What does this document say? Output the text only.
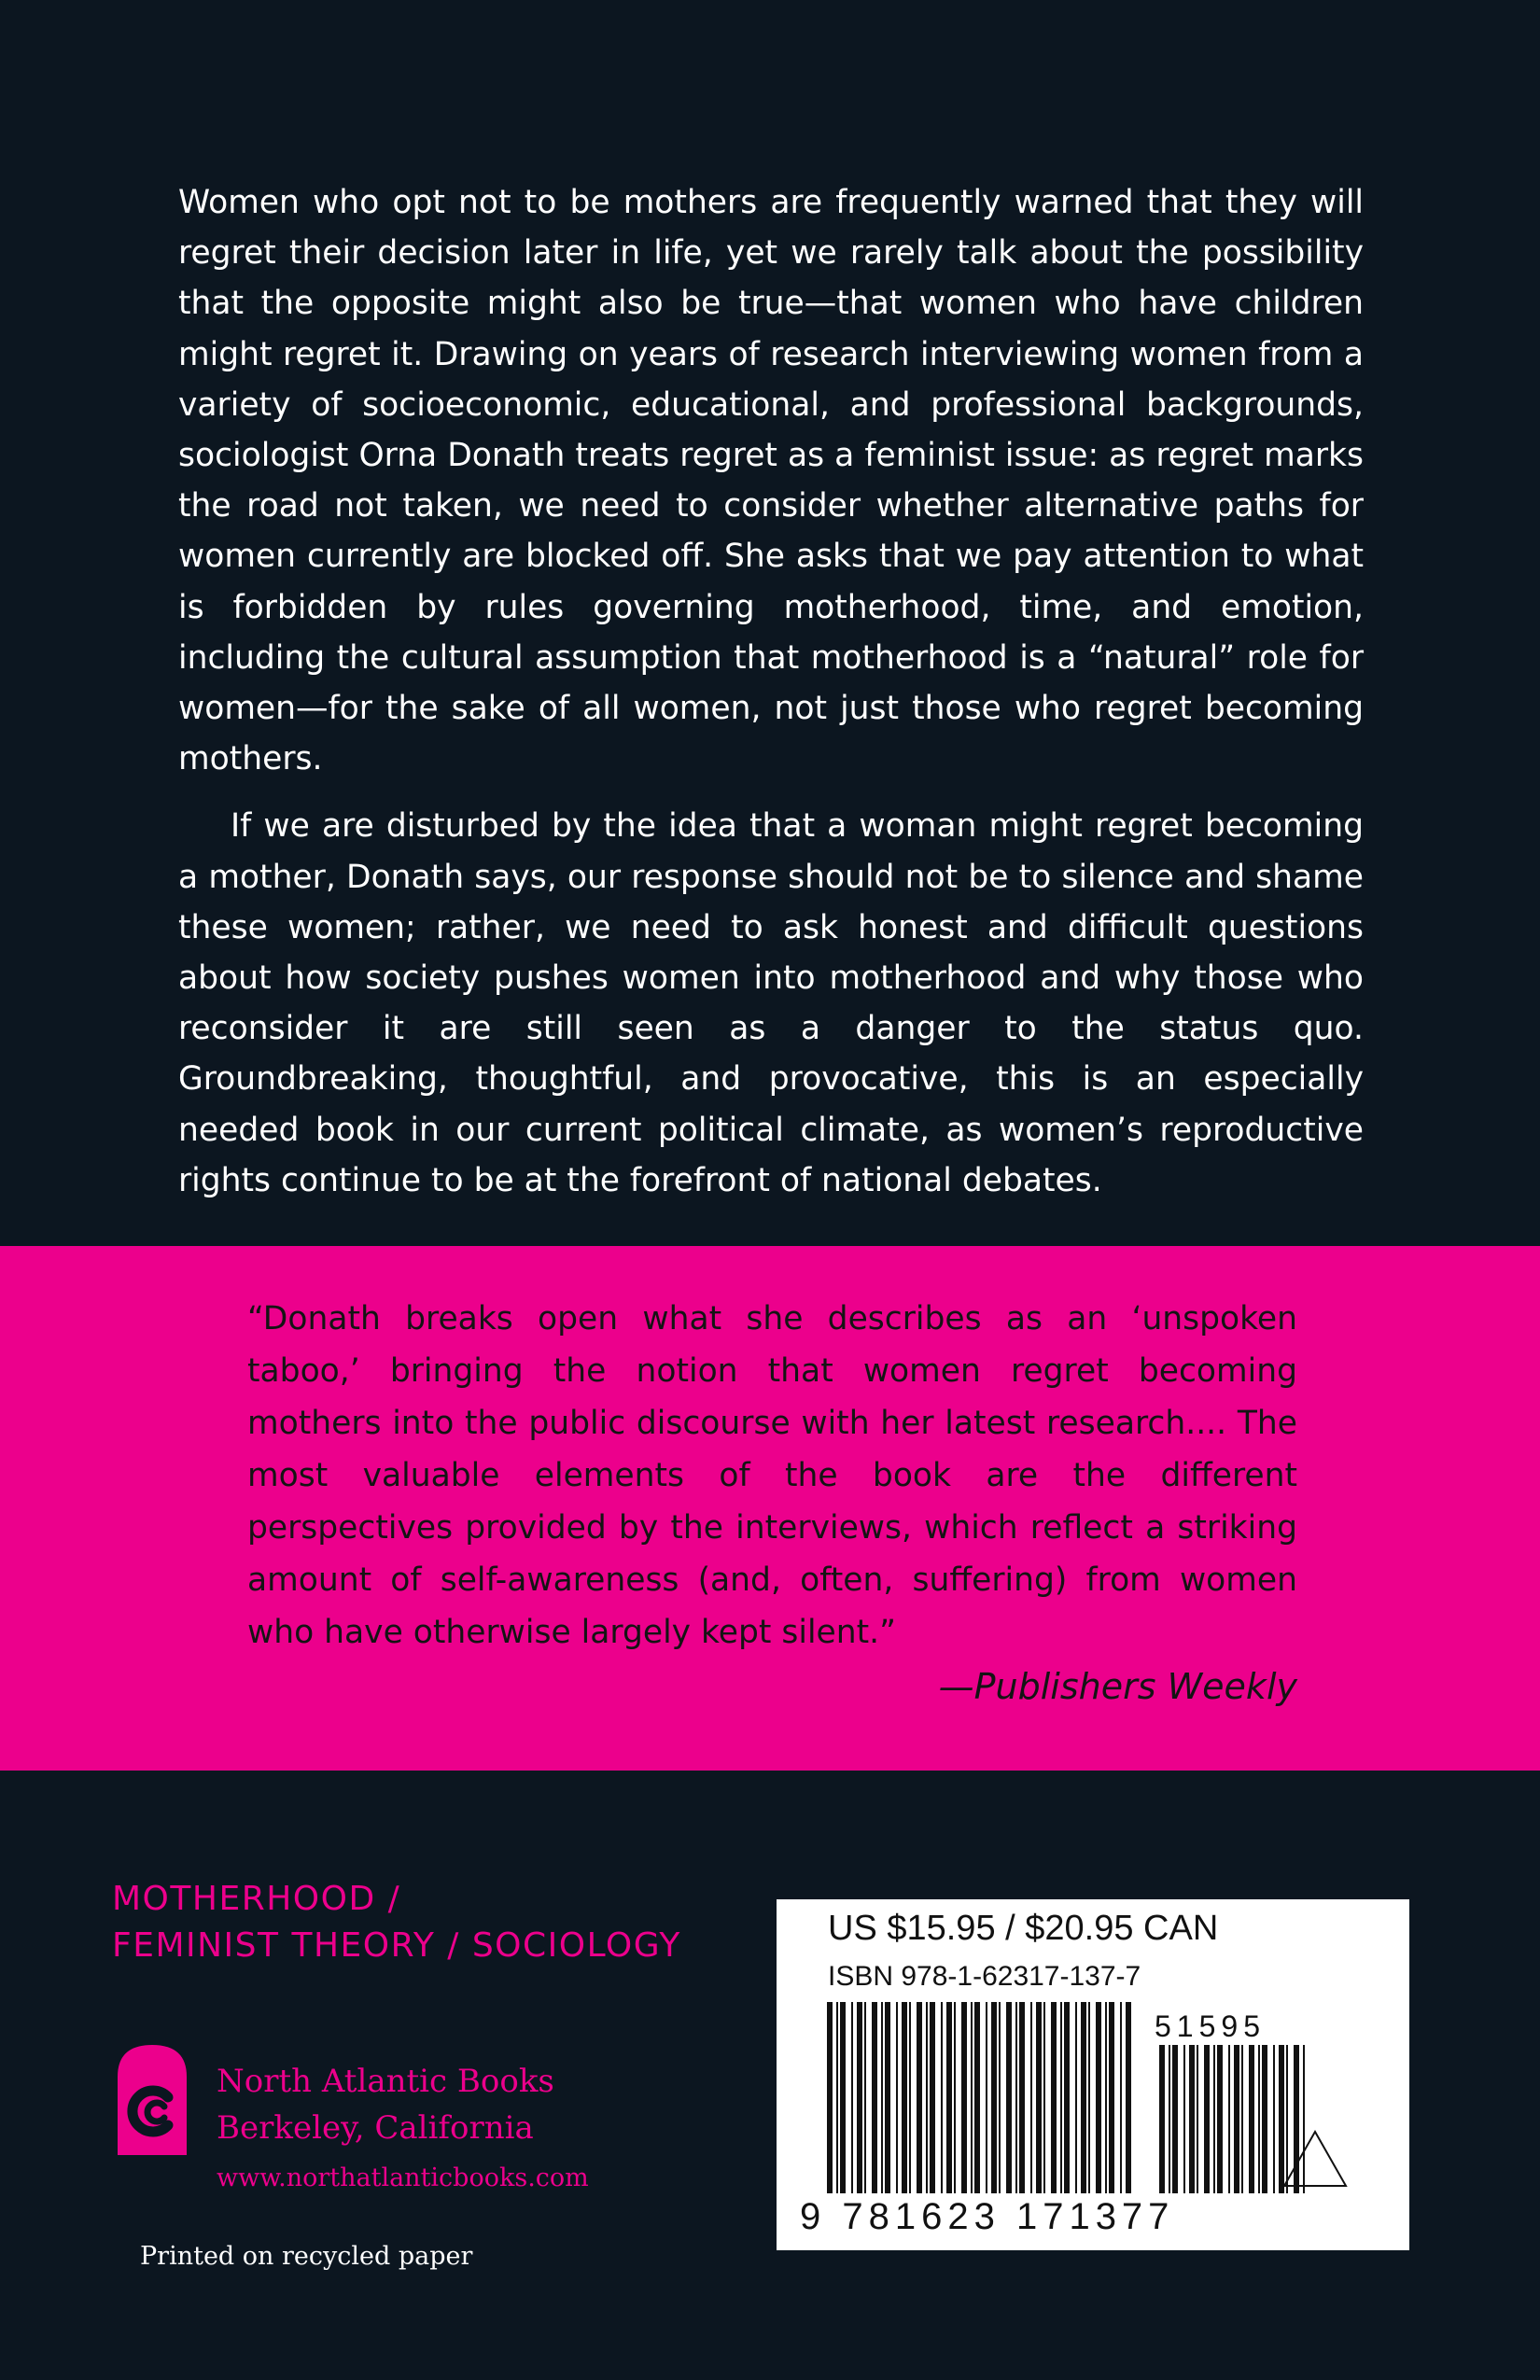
Women who opt not to be mothers are frequently warned that they will regret their decision later in life, yet we rarely talk about the possibility that the opposite might also be true—that women who have children might regret it. Drawing on years of research interviewing women from a variety of socioeconomic, educational, and professional backgrounds, sociologist Orna Donath treats regret as a feminist issue: as regret marks the road not taken, we need to consider whether alternative paths for women currently are blocked off. She asks that we pay attention to what is forbidden by rules governing motherhood, time, and emotion, including the cultural assumption that motherhood is a “natural” role for women—for the sake of all women, not just those who regret becoming mothers.

If we are disturbed by the idea that a woman might regret becoming a mother, Donath says, our response should not be to silence and shame these women; rather, we need to ask honest and difficult questions about how society pushes women into motherhood and why those who reconsider it are still seen as a danger to the status quo. Groundbreaking, thoughtful, and provocative, this is an especially needed book in our current political climate, as women’s reproductive rights continue to be at the forefront of national debates.

“Donath breaks open what she describes as an ‘unspoken taboo,’ bringing the notion that women regret becoming mothers into the public discourse with her latest research.... The most valuable elements of the book are the different perspectives provided by the interviews, which reflect a striking amount of self-awareness (and, often, suffering) from women who have otherwise largely kept silent.”

—Publishers Weekly

MOTHERHOOD /
FEMINIST THEORY / SOCIOLOGY

North Atlantic Books
Berkeley, California

www.northatlanticbooks.com

Printed on recycled paper

US $15.95 / $20.95 CAN

ISBN 978-1-62317-137-7

51595

9 781623 171377
